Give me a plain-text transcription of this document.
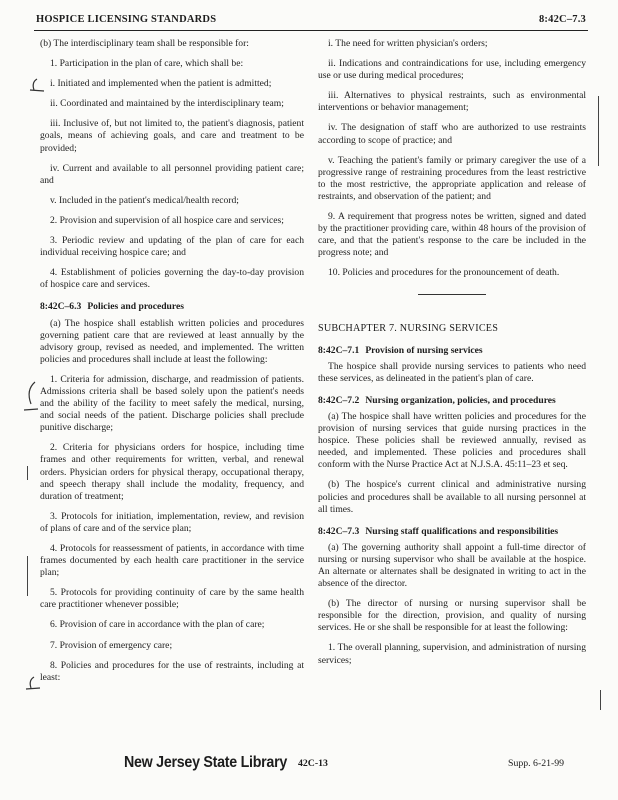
HOSPICE LICENSING STANDARDS	8:42C–7.3

(b) The interdisciplinary team shall be responsible for:

1. Participation in the plan of care, which shall be:

i. Initiated and implemented when the patient is admitted;

ii. Coordinated and maintained by the interdisciplinary team;

iii. Inclusive of, but not limited to, the patient's diagnosis, patient goals, means of achieving goals, and care and treatment to be provided;

iv. Current and available to all personnel providing patient care; and

v. Included in the patient's medical/health record;

2. Provision and supervision of all hospice care and services;

3. Periodic review and updating of the plan of care for each individual receiving hospice care; and

4. Establishment of policies governing the day-to-day provision of hospice care and services.

8:42C–6.3 Policies and procedures

(a) The hospice shall establish written policies and procedures governing patient care that are reviewed at least annually by the advisory group, revised as needed, and implemented. The written policies and procedures shall include at least the following:

1. Criteria for admission, discharge, and readmission of patients. Admissions criteria shall be based solely upon the patient's needs and the ability of the facility to meet safely the medical, nursing, and social needs of the patient. Discharge policies shall preclude punitive discharge;

2. Criteria for physicians orders for hospice, including time frames and other requirements for written, verbal, and renewal orders. Physician orders for physical therapy, occupational therapy, and speech therapy shall include the modality, frequency, and duration of treatment;

3. Protocols for initiation, implementation, review, and revision of plans of care and of the service plan;

4. Protocols for reassessment of patients, in accordance with time frames documented by each health care practitioner in the service plan;

5. Protocols for providing continuity of care by the same health care practitioner whenever possible;

6. Provision of care in accordance with the plan of care;

7. Provision of emergency care;

8. Policies and procedures for the use of restraints, including at least:

i. The need for written physician's orders;

ii. Indications and contraindications for use, including emergency use or use during medical procedures;

iii. Alternatives to physical restraints, such as environmental interventions or behavior management;

iv. The designation of staff who are authorized to use restraints according to scope of practice; and

v. Teaching the patient's family or primary caregiver the use of a progressive range of restraining procedures from the least restrictive to the most restrictive, the appropriate application and release of restraints, and observation of the patient; and

9. A requirement that progress notes be written, signed and dated by the practitioner providing care, within 48 hours of the provision of care, and that the patient's response to the care be included in the progress note; and

10. Policies and procedures for the pronouncement of death.

SUBCHAPTER 7. NURSING SERVICES
8:42C–7.1 Provision of nursing services

The hospice shall provide nursing services to patients who need these services, as delineated in the patient's plan of care.

8:42C–7.2 Nursing organization, policies, and procedures

(a) The hospice shall have written policies and procedures for the provision of nursing services that guide nursing practices in the hospice. These policies shall be reviewed annually, revised as needed, and implemented. These policies and procedures shall conform with the Nurse Practice Act at N.J.S.A. 45:11–23 et seq.

(b) The hospice's current clinical and administrative nursing policies and procedures shall be available to all nursing personnel at all times.

8:42C–7.3 Nursing staff qualifications and responsibilities

(a) The governing authority shall appoint a full-time director of nursing or nursing supervisor who shall be available at the hospice. An alternate or alternates shall be designated in writing to act in the absence of the director.

(b) The director of nursing or nursing supervisor shall be responsible for the direction, provision, and quality of nursing services. He or she shall be responsible for at least the following:

1. The overall planning, supervision, and administration of nursing services;

New Jersey State Library 42C-13	Supp. 6-21-99
